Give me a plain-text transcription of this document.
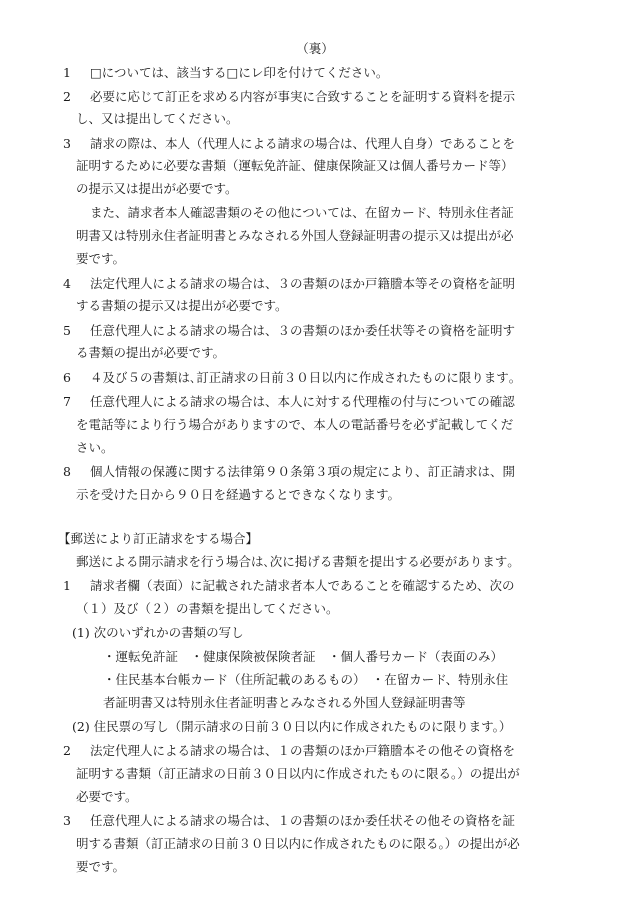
（裏）
1 □については、該当する□にレ印を付けてください。
2 必要に応じて訂正を求める内容が事実に合致することを証明する資料を提示
し、又は提出してください。
3 請求の際は、本人（代理人による請求の場合は、代理人自身）であることを
証明するために必要な書類（運転免許証、健康保険証又は個人番号カード等）
の提示又は提出が必要です。
また、請求者本人確認書類のその他については、在留カード、特別永住者証
明書又は特別永住者証明書とみなされる外国人登録証明書の提示又は提出が必
要です。
4 法定代理人による請求の場合は、３の書類のほか戸籍謄本等その資格を証明
する書類の提示又は提出が必要です。
5 任意代理人による請求の場合は、３の書類のほか委任状等その資格を証明す
る書類の提出が必要です。
6 ４及び５の書類は､訂正請求の日前３０日以内に作成されたものに限ります｡
7 任意代理人による請求の場合は、本人に対する代理権の付与についての確認
を電話等により行う場合がありますので、本人の電話番号を必ず記載してくだ
さい。
8 個人情報の保護に関する法律第９０条第３項の規定により、訂正請求は、開
示を受けた日から９０日を経過するとできなくなります。
【郵送により訂正請求をする場合】
郵送による開示請求を行う場合は､次に掲げる書類を提出する必要があります｡
1 請求者欄（表面）に記載された請求者本人であることを確認するため、次の
（１）及び（２）の書類を提出してください。
(1) 次のいずれかの書類の写し
・運転免許証　・健康保険被保険者証　・個人番号カード（表面のみ）
・住民基本台帳カード（住所記載のあるもの）　・在留カード、特別永住
者証明書又は特別永住者証明書とみなされる外国人登録証明書等
(2) 住民票の写し（開示請求の日前３０日以内に作成されたものに限ります。）
2 法定代理人による請求の場合は、１の書類のほか戸籍謄本その他その資格を
証明する書類（訂正請求の日前３０日以内に作成されたものに限る。）の提出が
必要です。
3 任意代理人による請求の場合は、１の書類のほか委任状その他その資格を証
明する書類（訂正請求の日前３０日以内に作成されたものに限る。）の提出が必
要です。
